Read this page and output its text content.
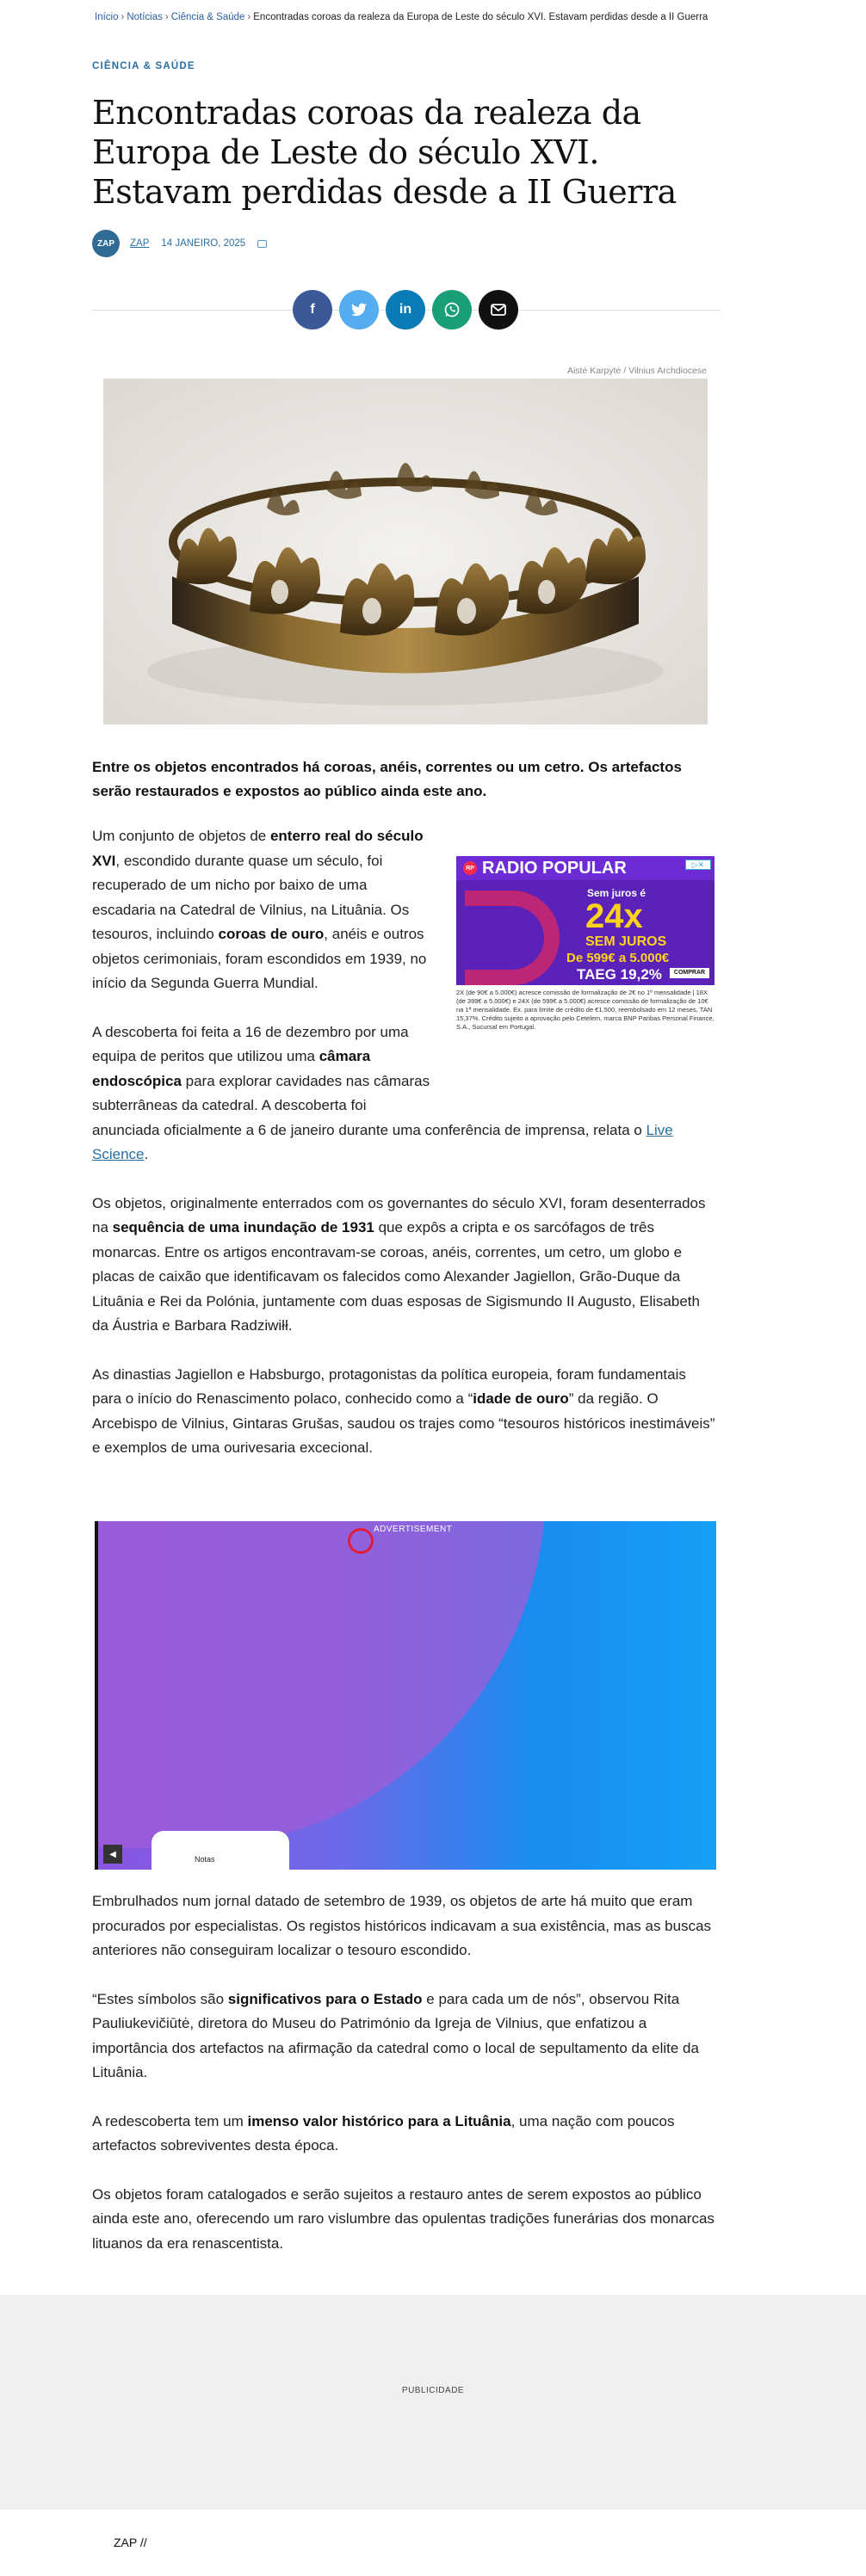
Início › Notícias › Ciência & Saúde › Encontradas coroas da realeza da Europa de Leste do século XVI. Estavam perdidas desde a II Guerra
CIÊNCIA & SAÚDE
Encontradas coroas da realeza da Europa de Leste do século XVI. Estavam perdidas desde a II Guerra
ZAP	ZAP 14 JANEIRO, 2025
f	in
Aistė Karpytė / Vilnius Archdiocese

Entre os objetos encontrados há coroas, anéis, correntes ou um cetro. Os artefactos serão restaurados e expostos ao público ainda este ano.

RP RADIO POPULAR	▷✕
Sem juros é
24x
SEM JUROS
De 599€ a 5.000€
TAEG 19,2%	COMPRAR
2X (de 90€ a 5.000€) acresce comissão de formalização de 2€ no 1º mensalidade | 18X (de 399€ a 5.000€) e 24X (de 599€ a 5.000€) acresce comissão de formalização de 10€ na 1ª mensalidade. Ex. para limite de crédito de €1.500, reembolsado em 12 meses, TAN 15,37%. Crédito sujeito a aprovação pelo Cetelem, marca BNP Paribas Personal Finance, S.A., Sucursal em Portugal.

Um conjunto de objetos de enterro real do século XVI, escondido durante quase um século, foi recuperado de um nicho por baixo de uma escadaria na Catedral de Vilnius, na Lituânia. Os tesouros, incluindo coroas de ouro, anéis e outros objetos cerimoniais, foram escondidos em 1939, no início da Segunda Guerra Mundial.

A descoberta foi feita a 16 de dezembro por uma equipa de peritos que utilizou uma câmara endoscópica para explorar cavidades nas câmaras subterrâneas da catedral. A descoberta foi anunciada oficialmente a 6 de janeiro durante uma conferência de imprensa, relata o Live Science.

Os objetos, originalmente enterrados com os governantes do século XVI, foram desenterrados na sequência de uma inundação de 1931 que expôs a cripta e os sarcófagos de três monarcas. Entre os artigos encontravam-se coroas, anéis, correntes, um cetro, um globo e placas de caixão que identificavam os falecidos como Alexander Jagiellon, Grão-Duque da Lituânia e Rei da Polónia, juntamente com duas esposas de Sigismundo II Augusto, Elisabeth da Áustria e Barbara Radziwiłł.

As dinastias Jagiellon e Habsburgo, protagonistas da política europeia, foram fundamentais para o início do Renascimento polaco, conhecido como a “idade de ouro” da região. O Arcebispo de Vilnius, Gintaras Grušas, saudou os trajes como “tesouros históricos inestimáveis” e exemplos de uma ourivesaria excecional.

ADVERTISEMENT
Notas
◀

Embrulhados num jornal datado de setembro de 1939, os objetos de arte há muito que eram procurados por especialistas. Os registos históricos indicavam a sua existência, mas as buscas anteriores não conseguiram localizar o tesouro escondido.

“Estes símbolos são significativos para o Estado e para cada um de nós”, observou Rita Pauliukevičiūtė, diretora do Museu do Património da Igreja de Vilnius, que enfatizou a importância dos artefactos na afirmação da catedral como o local de sepultamento da elite da Lituânia.

A redescoberta tem um imenso valor histórico para a Lituânia, uma nação com poucos artefactos sobreviventes desta época.

Os objetos foram catalogados e serão sujeitos a restauro antes de serem expostos ao público ainda este ano, oferecendo um raro vislumbre das opulentas tradições funerárias dos monarcas lituanos da era renascentista.

PUBLICIDADE
ZAP //
